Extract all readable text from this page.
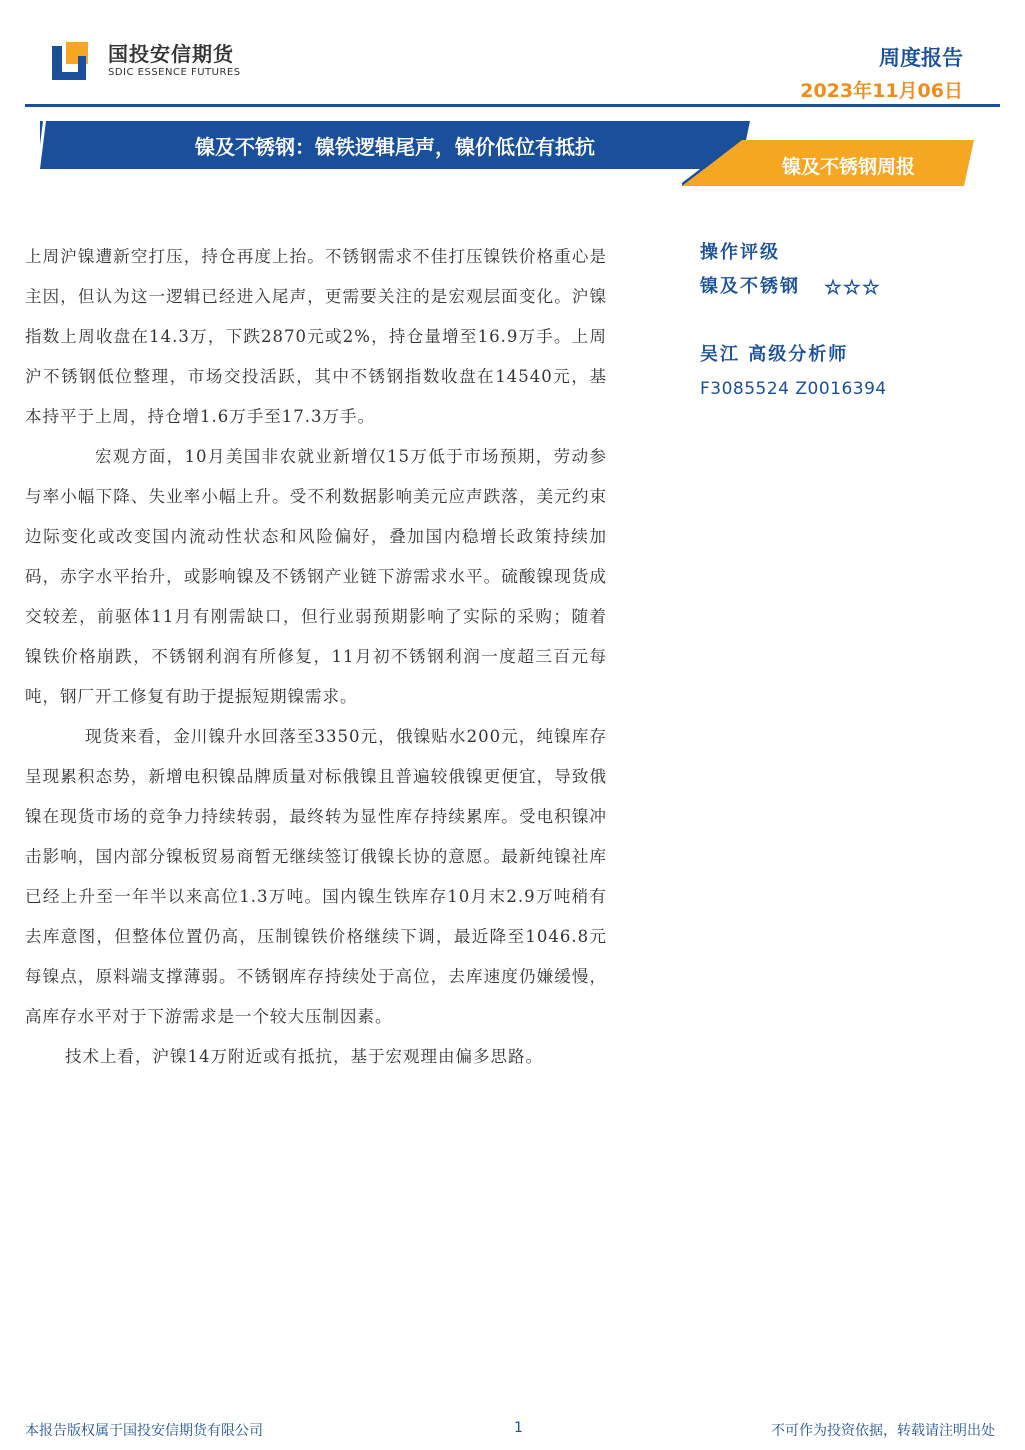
国投安信期货
SDIC ESSENCE FUTURES
周度报告
2023年11月06日
镍及不锈钢：镍铁逻辑尾声，镍价低位有抵抗
镍及不锈钢周报

上周沪镍遭新空打压，持仓再度上抬。不锈钢需求不佳打压镍铁价格重心是主因，但认为这一逻辑已经进入尾声，更需要关注的是宏观层面变化。沪镍指数上周收盘在14.3万，下跌2870元或2%，持仓量增至16.9万手。上周沪不锈钢低位整理，市场交投活跃，其中不锈钢指数收盘在14540元，基本持平于上周，持仓增1.6万手至17.3万手。

宏观方面，10月美国非农就业新增仅15万低于市场预期，劳动参与率小幅下降、失业率小幅上升。受不利数据影响美元应声跌落，美元约束边际变化或改变国内流动性状态和风险偏好，叠加国内稳增长政策持续加码，赤字水平抬升，或影响镍及不锈钢产业链下游需求水平。硫酸镍现货成交较差，前驱体11月有刚需缺口，但行业弱预期影响了实际的采购；随着镍铁价格崩跌，不锈钢利润有所修复，11月初不锈钢利润一度超三百元每吨，钢厂开工修复有助于提振短期镍需求。

现货来看，金川镍升水回落至3350元，俄镍贴水200元，纯镍库存呈现累积态势，新增电积镍品牌质量对标俄镍且普遍较俄镍更便宜，导致俄镍在现货市场的竞争力持续转弱，最终转为显性库存持续累库。受电积镍冲击影响，国内部分镍板贸易商暂无继续签订俄镍长协的意愿。最新纯镍社库已经上升至一年半以来高位1.3万吨。国内镍生铁库存10月末2.9万吨稍有去库意图，但整体位置仍高，压制镍铁价格继续下调，最近降至1046.8元每镍点，原料端支撑薄弱。不锈钢库存持续处于高位，去库速度仍嫌缓慢，高库存水平对于下游需求是一个较大压制因素。

技术上看，沪镍14万附近或有抵抗，基于宏观理由偏多思路。

操作评级
镍及不锈钢 ☆☆☆
吴江 高级分析师
F3085524 Z0016394
本报告版权属于国投安信期货有限公司	1	不可作为投资依据，转载请注明出处
